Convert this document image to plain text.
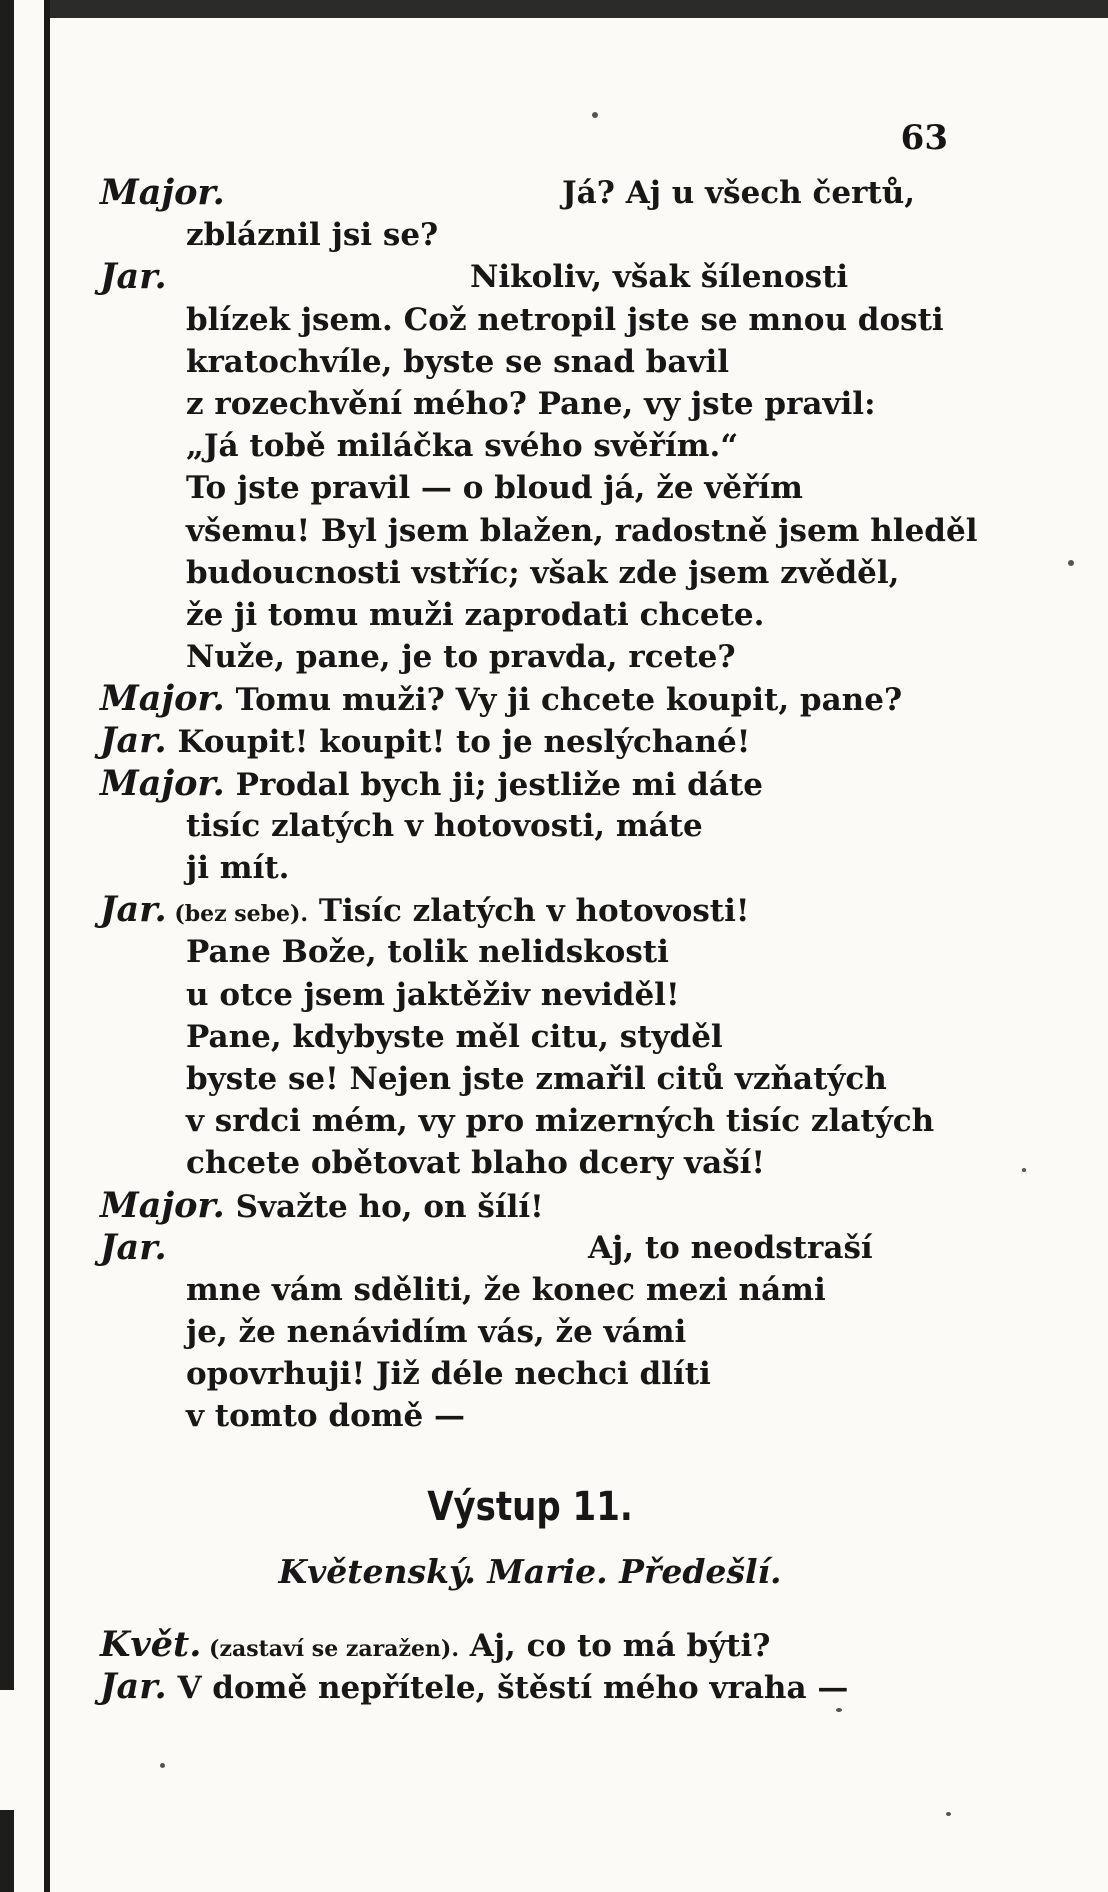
63
Major.	Já? Aj u všech čertů,
zbláznil jsi se?
Jar.	Nikoliv, však šílenosti
blízek jsem. Což netropil jste se mnou dosti
kratochvíle, byste se snad bavil
z rozechvění mého? Pane, vy jste pravil:
„Já tobě miláčka svého svěřím.“
To jste pravil — o bloud já, že věřím
všemu! Byl jsem blažen, radostně jsem hleděl
budoucnosti vstříc; však zde jsem zvěděl,
že ji tomu muži zaprodati chcete.
Nuže, pane, je to pravda, rcete?
Major. Tomu muži? Vy ji chcete koupit, pane?
Jar. Koupit! koupit! to je neslýchané!
Major. Prodal bych ji; jestliže mi dáte
tisíc zlatých v hotovosti, máte
ji mít.
Jar. (bez sebe). Tisíc zlatých v hotovosti!
Pane Bože, tolik nelidskosti
u otce jsem jaktěživ neviděl!
Pane, kdybyste měl citu, styděl
byste se! Nejen jste zmařil citů vzňatých
v srdci mém, vy pro mizerných tisíc zlatých
chcete obětovat blaho dcery vaší!
Major. Svažte ho, on šílí!
Jar.	Aj, to neodstraší
mne vám sděliti, že konec mezi námi
je, že nenávidím vás, že vámi
opovrhuji! Již déle nechci dlíti
v tomto domě —
Výstup 11.
Květenský. Marie. Předešlí.
Květ. (zastaví se zaražen). Aj, co to má býti?
Jar. V domě nepřítele, štěstí mého vraha —
